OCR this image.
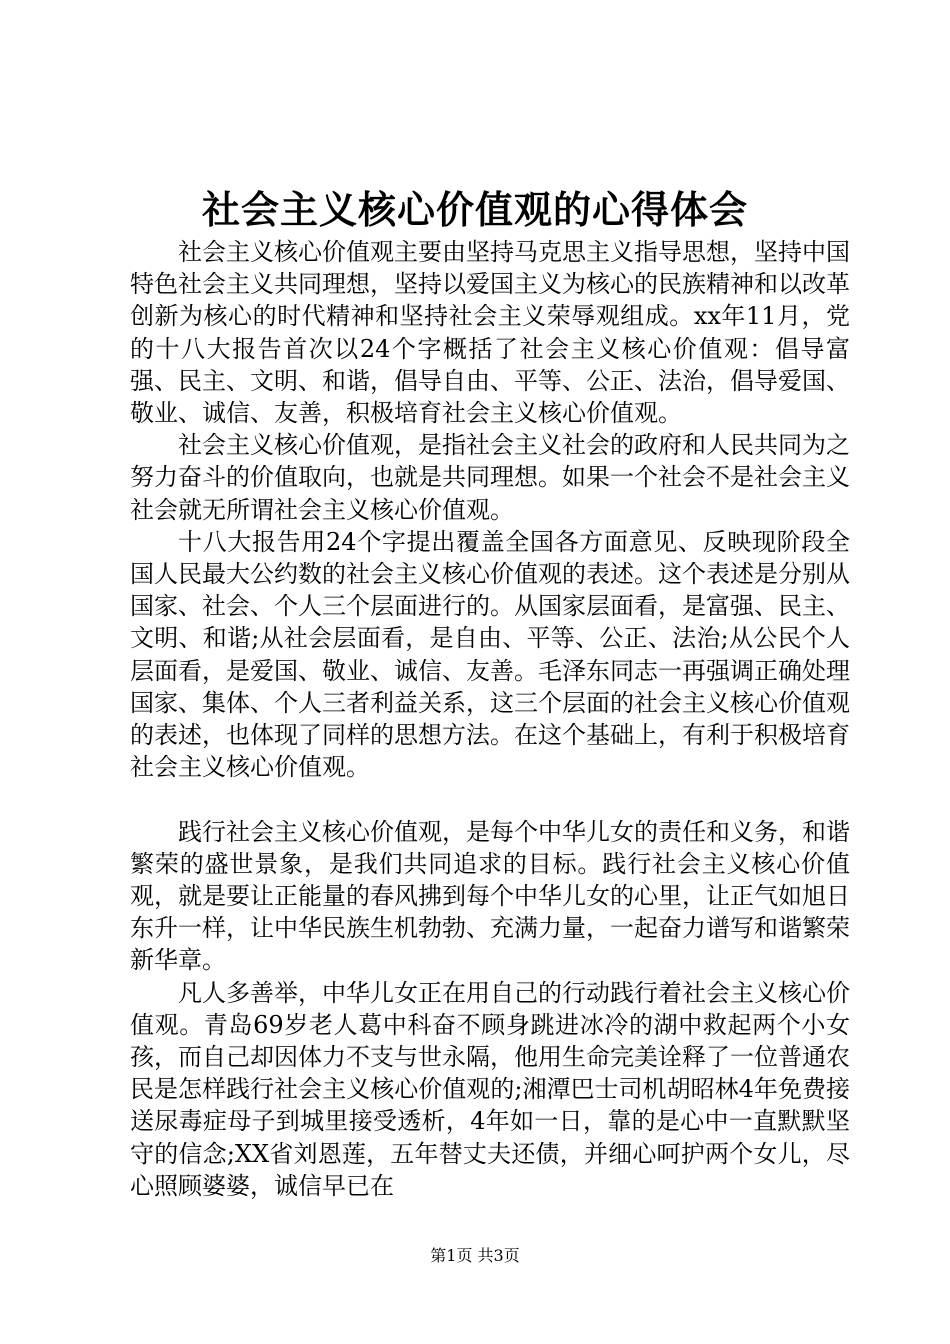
社会主义核心价值观的心得体会

社会主义核心价值观主要由坚持马克思主义指导思想，坚持中国特色社会主义共同理想，坚持以爱国主义为核心的民族精神和以改革创新为核心的时代精神和坚持社会主义荣辱观组成。xx年11月，党的十八大报告首次以24个字概括了社会主义核心价值观：倡导富强、民主、文明、和谐，倡导自由、平等、公正、法治，倡导爱国、敬业、诚信、友善，积极培育社会主义核心价值观。

社会主义核心价值观，是指社会主义社会的政府和人民共同为之努力奋斗的价值取向，也就是共同理想。如果一个社会不是社会主义社会就无所谓社会主义核心价值观。

十八大报告用24个字提出覆盖全国各方面意见、反映现阶段全国人民最大公约数的社会主义核心价值观的表述。这个表述是分别从国家、社会、个人三个层面进行的。从国家层面看，是富强、民主、文明、和谐;从社会层面看，是自由、平等、公正、法治;从公民个人层面看，是爱国、敬业、诚信、友善。毛泽东同志一再强调正确处理国家、集体、个人三者利益关系，这三个层面的社会主义核心价值观的表述，也体现了同样的思想方法。在这个基础上，有利于积极培育社会主义核心价值观。

践行社会主义核心价值观，是每个中华儿女的责任和义务，和谐繁荣的盛世景象，是我们共同追求的目标。践行社会主义核心价值观，就是要让正能量的春风拂到每个中华儿女的心里，让正气如旭日东升一样，让中华民族生机勃勃、充满力量，一起奋力谱写和谐繁荣新华章。

凡人多善举，中华儿女正在用自己的行动践行着社会主义核心价值观。青岛69岁老人葛中科奋不顾身跳进冰冷的湖中救起两个小女孩，而自己却因体力不支与世永隔，他用生命完美诠释了一位普通农民是怎样践行社会主义核心价值观的;湘潭巴士司机胡昭林4年免费接送尿毒症母子到城里接受透析，4年如一日，靠的是心中一直默默坚守的信念;XX省刘恩莲，五年替丈夫还债，并细心呵护两个女儿，尽心照顾婆婆，诚信早已在

第1页 共3页
